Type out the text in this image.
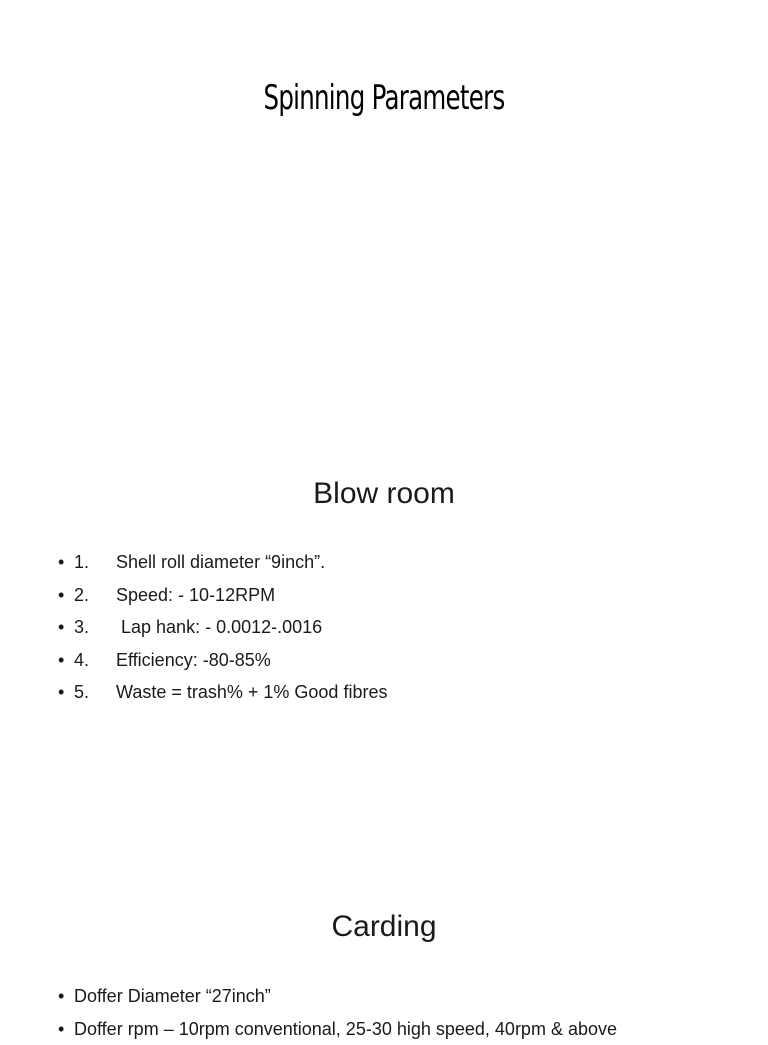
Spinning Parameters
Blow room
• 1. Shell roll diameter “9inch”.
• 2. Speed: - 10-12RPM
• 3. Lap hank: - 0.0012-.0016
• 4. Efficiency: -80-85%
• 5. Waste = trash% + 1% Good fibres
Carding
• Doffer Diameter “27inch”
• Doffer rpm – 10rpm conventional, 25-30 high speed, 40rpm & above
